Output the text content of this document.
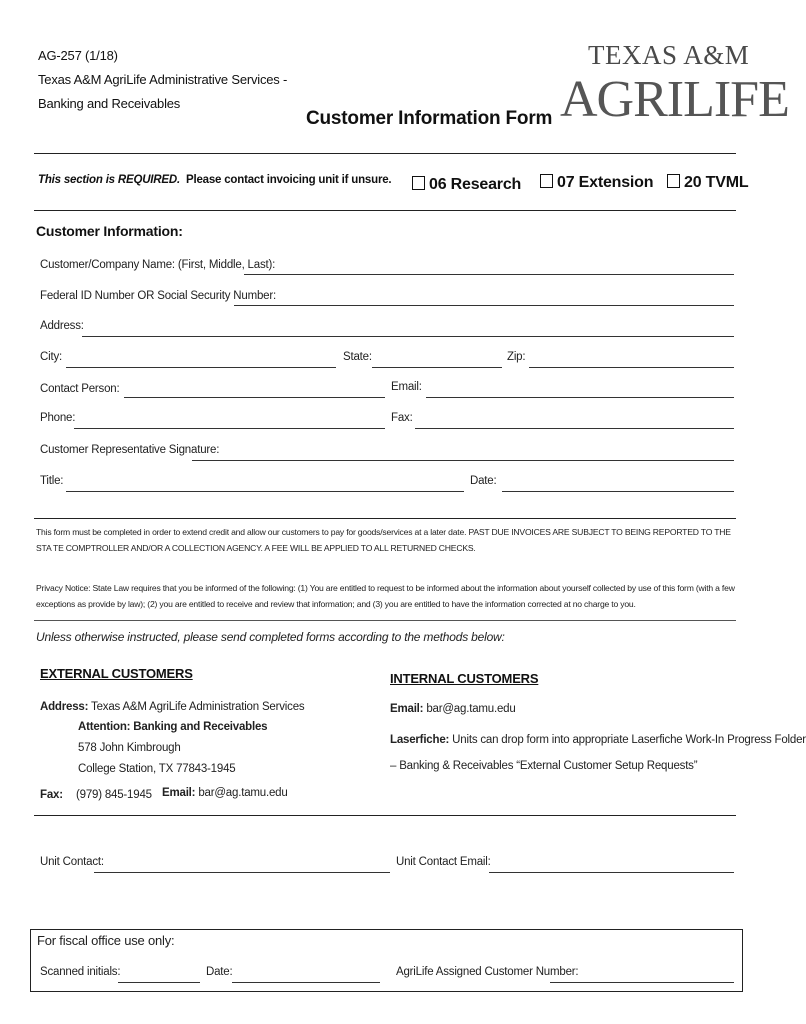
AG-257 (1/18)
Texas A&M AgriLife Administrative Services -
Banking and Receivables
Customer Information Form
TEXAS A&M
AGRILIFE
This section is REQUIRED. Please contact invoicing unit if unsure.	06 Research	07 Extension	20 TVML
Customer Information:
Customer/Company Name: (First, Middle, Last):
Federal ID Number OR Social Security Number:
Address:
City:	State:	Zip:
Contact Person:	Email:
Phone:	Fax:
Customer Representative Signature:
Title:	Date:
This form must be completed in order to extend credit and allow our customers to pay for goods/services at a later date. PAST DUE INVOICES ARE SUBJECT TO BEING REPORTED TO THE STA TE COMPTROLLER AND/OR A COLLECTION AGENCY. A FEE WILL BE APPLIED TO ALL RETURNED CHECKS.
Privacy Notice: State Law requires that you be informed of the following: (1) You are entitled to request to be informed about the information about yourself collected by use of this form (with a few exceptions as provide by law); (2) you are entitled to receive and review that information; and (3) you are entitled to have the information corrected at no charge to you.
Unless otherwise instructed, please send completed forms according to the methods below:
EXTERNAL CUSTOMERS
Address: Texas A&M AgriLife Administration Services
Attention: Banking and Receivables
578 John Kimbrough
College Station, TX 77843-1945
Fax: (979) 845-1945 Email: bar@ag.tamu.edu
INTERNAL CUSTOMERS
Email: bar@ag.tamu.edu
Laserfiche: Units can drop form into appropriate Laserfiche Work-In Progress Folder
– Banking & Receivables “External Customer Setup Requests”
Unit Contact:	Unit Contact Email:
For fiscal office use only:
Scanned initials:	Date:	AgriLife Assigned Customer Number:
